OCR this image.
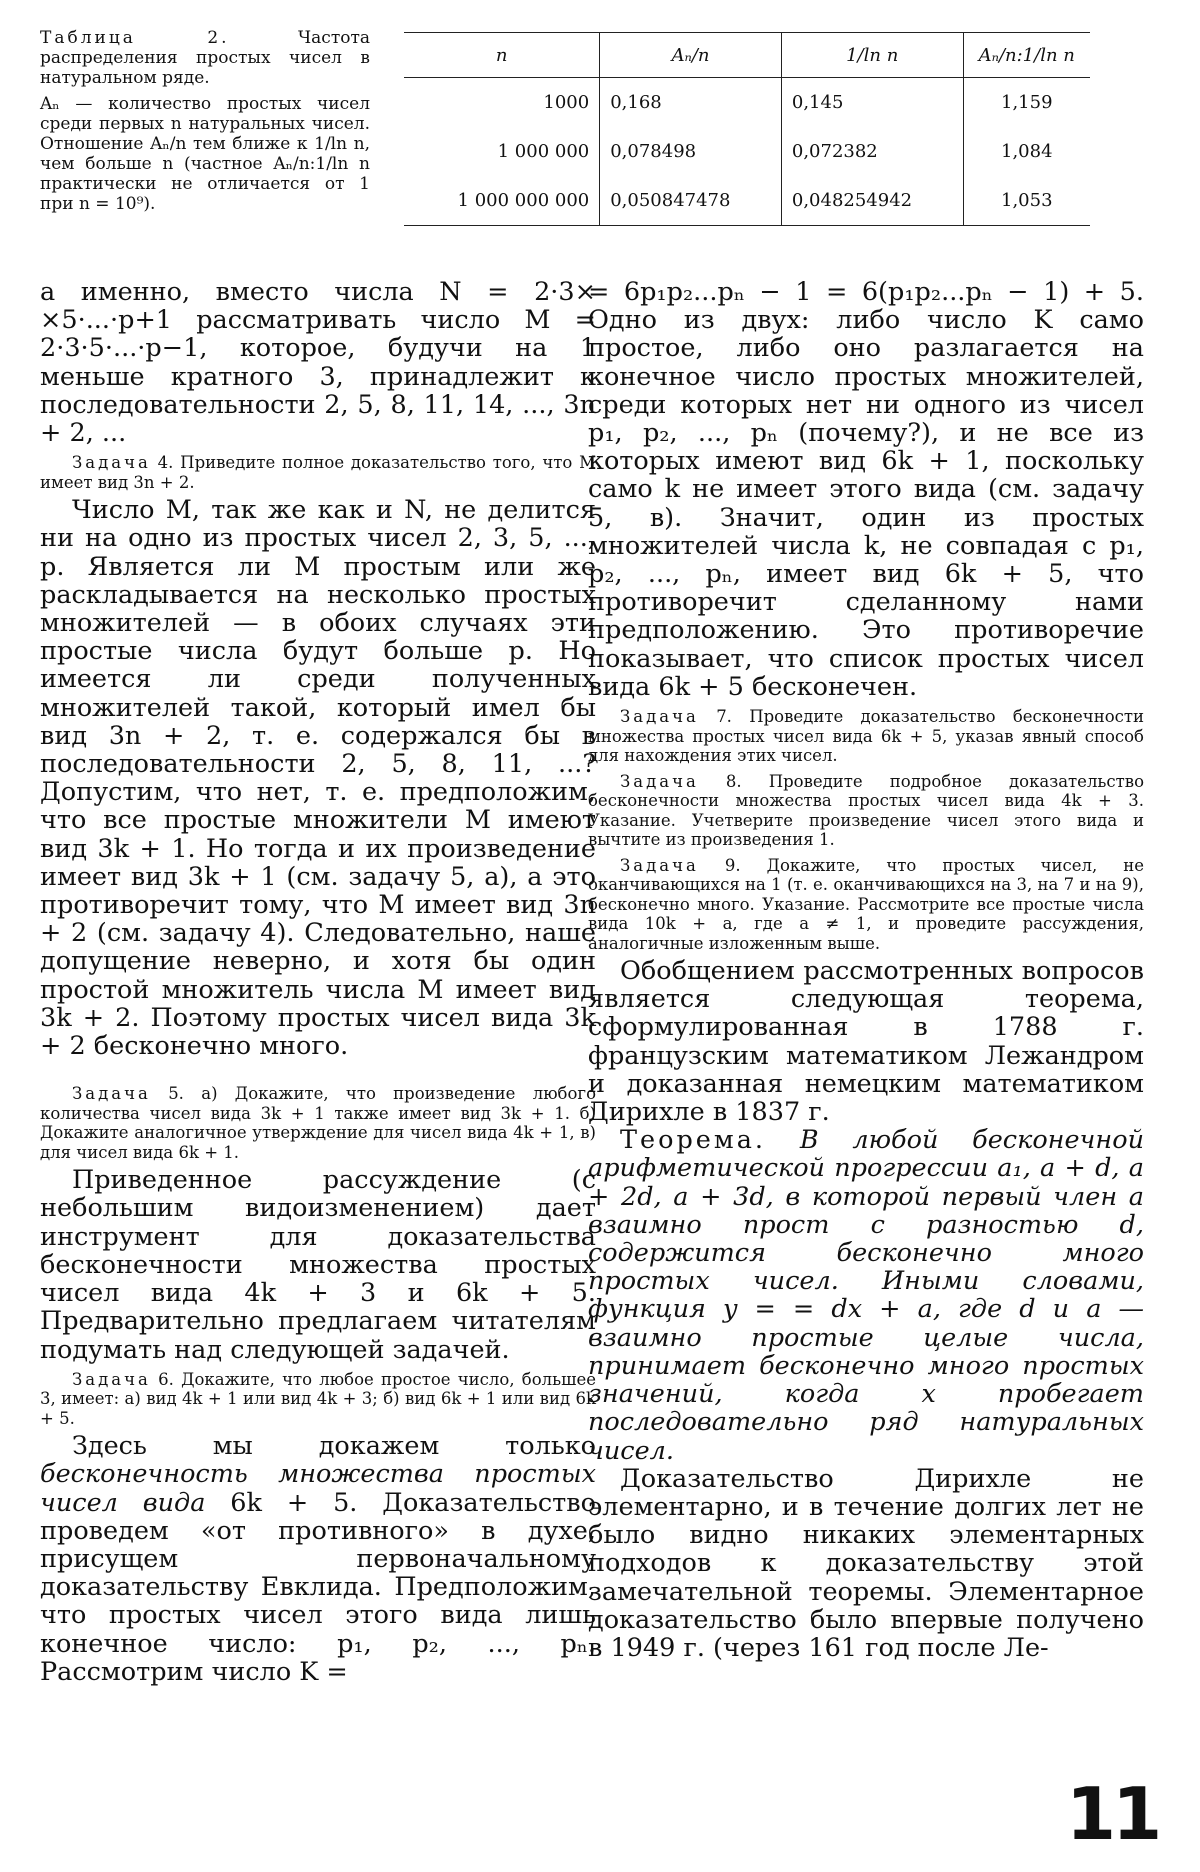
Таблица 2.	Частота распределения простых чисел в натуральном ряде.

Aₙ — количество простых чисел среди первых n натуральных чисел. Отношение Aₙ/n тем ближе к 1/ln n, чем больше n (частное Aₙ/n:1/ln n практически не отличается от 1 при n = 10⁹).

n	Aₙ/n	1/ln n	Aₙ/n:1/ln n
1000	0,168	0,145	1,159
1 000 000	0,078498	0,072382	1,084
1 000 000 000	0,050847478	0,048254942	1,053

а именно, вместо числа N = 2·3× ×5·...·p+1 рассматривать число M = 2·3·5·...·p−1, которое, будучи на 1 меньше кратного 3, принадлежит к последовательности 2, 5, 8, 11, 14, ..., 3n + 2, ...

Задача 4. Приведите полное доказательство того, что M имеет вид 3n + 2.

Число M, так же как и N, не делится ни на одно из простых чисел 2, 3, 5, ..., p. Является ли M простым или же раскладывается на несколько простых множителей — в обоих случаях эти простые числа будут больше p. Но имеется ли среди полученных множителей такой, который имел бы вид 3n + 2, т. е. содержался бы в последовательности 2, 5, 8, 11, ...? Допустим, что нет, т. е. предположим, что все простые множители M имеют вид 3k + 1. Но тогда и их произведение имеет вид 3k + 1 (см. задачу 5, а), а это противоречит тому, что M имеет вид 3n + 2 (см. задачу 4). Следовательно, наше допущение неверно, и хотя бы один простой множитель числа M имеет вид 3k + 2. Поэтому простых чисел вида 3k + 2 бесконечно много.

Задача 5. а) Докажите, что произведение любого количества чисел вида 3k + 1 также имеет вид 3k + 1. б) Докажите аналогичное утверждение для чисел вида 4k + 1, в) для чисел вида 6k + 1.

Приведенное рассуждение (с небольшим видоизменением) дает инструмент для доказательства бесконечности множества простых чисел вида 4k + 3 и 6k + 5. Предварительно предлагаем читателям подумать над следующей задачей.

Задача 6. Докажите, что любое простое число, большее 3, имеет: а) вид 4k + 1 или вид 4k + 3; б) вид 6k + 1 или вид 6k + 5.

Здесь мы докажем только бесконечность множества простых чисел вида 6k + 5. Доказательство проведем «от противного» в духе, присущем первоначальному доказательству Евклида. Предположим, что простых чисел этого вида лишь конечное число: p₁, p₂, ..., pₙ. Рассмотрим число K =

= 6p₁p₂...pₙ − 1 = 6(p₁p₂...pₙ − 1) + 5. Одно из двух: либо число K само простое, либо оно разлагается на конечное число простых множителей, среди которых нет ни одного из чисел p₁, p₂, ..., pₙ (почему?), и не все из которых имеют вид 6k + 1, поскольку само k не имеет этого вида (см. задачу 5, в). Значит, один из простых множителей числа k, не совпадая с p₁, p₂, ..., pₙ, имеет вид 6k + 5, что противоречит сделанному нами предположению. Это противоречие показывает, что список простых чисел вида 6k + 5 бесконечен.

Задача 7. Проведите доказательство бесконечности множества простых чисел вида 6k + 5, указав явный способ для нахождения этих чисел.

Задача 8. Проведите подробное доказательство бесконечности множества простых чисел вида 4k + 3. Указание. Учетверите произведение чисел этого вида и вычтите из произведения 1.

Задача 9. Докажите, что простых чисел, не оканчивающихся на 1 (т. е. оканчивающихся на 3, на 7 и на 9), бесконечно много. Указание. Рассмотрите все простые числа вида 10k + a, где a ≠ 1, и проведите рассуждения, аналогичные изложенным выше.

Обобщением рассмотренных вопросов является следующая теорема, сформулированная в 1788 г. французским математиком Лежандром и доказанная немецким математиком Дирихле в 1837 г.

Теорема. В любой бесконечной арифметической прогрессии a₁, a + d, a + 2d, a + 3d, в которой первый член a взаимно прост с разностью d, содержится бесконечно много простых чисел. Иными словами, функция y = = dx + a, где d и a — взаимно простые целые числа, принимает бесконечно много простых значений, когда x пробегает последовательно ряд натуральных чисел.

Доказательство Дирихле не элементарно, и в течение долгих лет не было видно никаких элементарных подходов к доказательству этой замечательной теоремы. Элементарное доказательство было впервые получено в 1949 г. (через 161 год после Ле-

11
